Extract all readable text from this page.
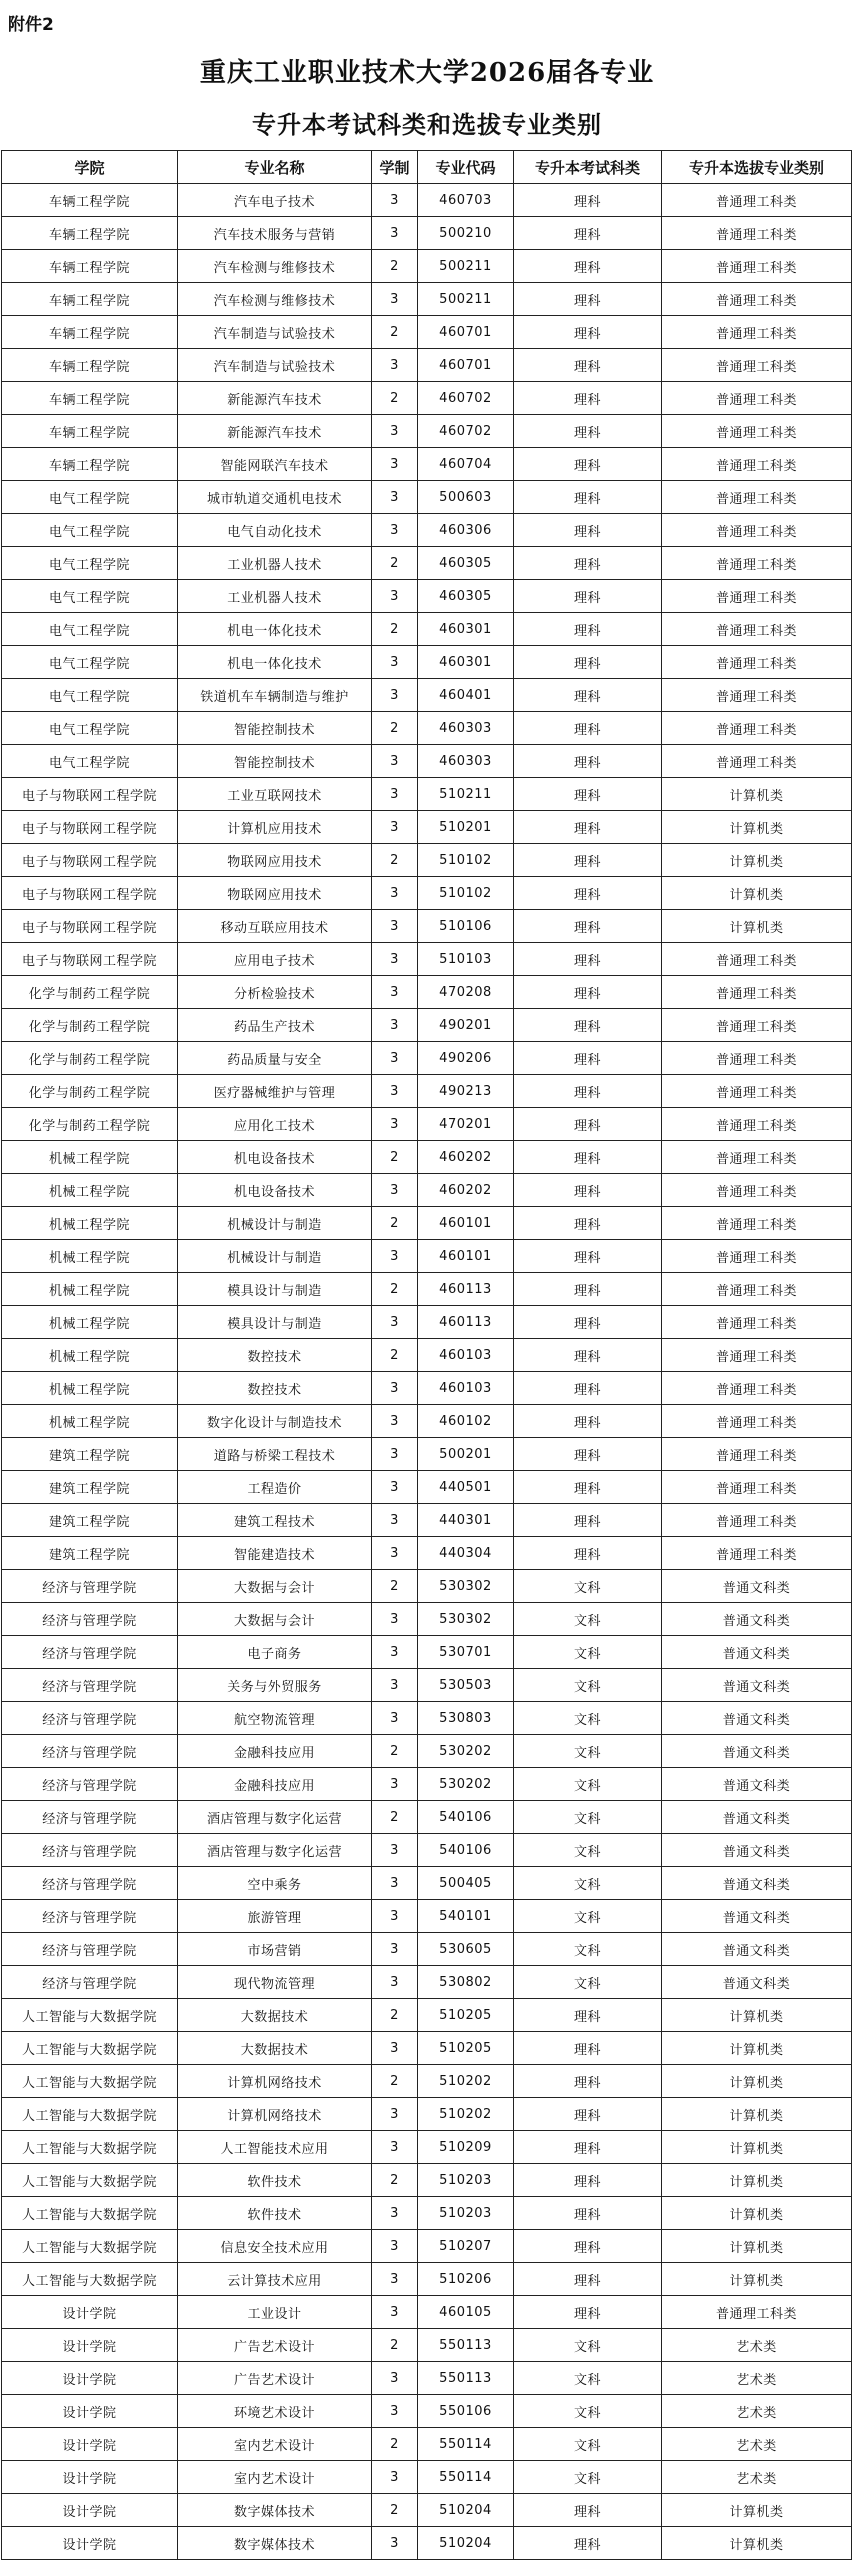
附件2
重庆工业职业技术大学2026届各专业
专升本考试科类和选拔专业类别
学院	专业名称	学制	专业代码	专升本考试科类	专升本选拔专业类别
车辆工程学院	汽车电子技术	3	460703	理科	普通理工科类
车辆工程学院	汽车技术服务与营销	3	500210	理科	普通理工科类
车辆工程学院	汽车检测与维修技术	2	500211	理科	普通理工科类
车辆工程学院	汽车检测与维修技术	3	500211	理科	普通理工科类
车辆工程学院	汽车制造与试验技术	2	460701	理科	普通理工科类
车辆工程学院	汽车制造与试验技术	3	460701	理科	普通理工科类
车辆工程学院	新能源汽车技术	2	460702	理科	普通理工科类
车辆工程学院	新能源汽车技术	3	460702	理科	普通理工科类
车辆工程学院	智能网联汽车技术	3	460704	理科	普通理工科类
电气工程学院	城市轨道交通机电技术	3	500603	理科	普通理工科类
电气工程学院	电气自动化技术	3	460306	理科	普通理工科类
电气工程学院	工业机器人技术	2	460305	理科	普通理工科类
电气工程学院	工业机器人技术	3	460305	理科	普通理工科类
电气工程学院	机电一体化技术	2	460301	理科	普通理工科类
电气工程学院	机电一体化技术	3	460301	理科	普通理工科类
电气工程学院	铁道机车车辆制造与维护	3	460401	理科	普通理工科类
电气工程学院	智能控制技术	2	460303	理科	普通理工科类
电气工程学院	智能控制技术	3	460303	理科	普通理工科类
电子与物联网工程学院	工业互联网技术	3	510211	理科	计算机类
电子与物联网工程学院	计算机应用技术	3	510201	理科	计算机类
电子与物联网工程学院	物联网应用技术	2	510102	理科	计算机类
电子与物联网工程学院	物联网应用技术	3	510102	理科	计算机类
电子与物联网工程学院	移动互联应用技术	3	510106	理科	计算机类
电子与物联网工程学院	应用电子技术	3	510103	理科	普通理工科类
化学与制药工程学院	分析检验技术	3	470208	理科	普通理工科类
化学与制药工程学院	药品生产技术	3	490201	理科	普通理工科类
化学与制药工程学院	药品质量与安全	3	490206	理科	普通理工科类
化学与制药工程学院	医疗器械维护与管理	3	490213	理科	普通理工科类
化学与制药工程学院	应用化工技术	3	470201	理科	普通理工科类
机械工程学院	机电设备技术	2	460202	理科	普通理工科类
机械工程学院	机电设备技术	3	460202	理科	普通理工科类
机械工程学院	机械设计与制造	2	460101	理科	普通理工科类
机械工程学院	机械设计与制造	3	460101	理科	普通理工科类
机械工程学院	模具设计与制造	2	460113	理科	普通理工科类
机械工程学院	模具设计与制造	3	460113	理科	普通理工科类
机械工程学院	数控技术	2	460103	理科	普通理工科类
机械工程学院	数控技术	3	460103	理科	普通理工科类
机械工程学院	数字化设计与制造技术	3	460102	理科	普通理工科类
建筑工程学院	道路与桥梁工程技术	3	500201	理科	普通理工科类
建筑工程学院	工程造价	3	440501	理科	普通理工科类
建筑工程学院	建筑工程技术	3	440301	理科	普通理工科类
建筑工程学院	智能建造技术	3	440304	理科	普通理工科类
经济与管理学院	大数据与会计	2	530302	文科	普通文科类
经济与管理学院	大数据与会计	3	530302	文科	普通文科类
经济与管理学院	电子商务	3	530701	文科	普通文科类
经济与管理学院	关务与外贸服务	3	530503	文科	普通文科类
经济与管理学院	航空物流管理	3	530803	文科	普通文科类
经济与管理学院	金融科技应用	2	530202	文科	普通文科类
经济与管理学院	金融科技应用	3	530202	文科	普通文科类
经济与管理学院	酒店管理与数字化运营	2	540106	文科	普通文科类
经济与管理学院	酒店管理与数字化运营	3	540106	文科	普通文科类
经济与管理学院	空中乘务	3	500405	文科	普通文科类
经济与管理学院	旅游管理	3	540101	文科	普通文科类
经济与管理学院	市场营销	3	530605	文科	普通文科类
经济与管理学院	现代物流管理	3	530802	文科	普通文科类
人工智能与大数据学院	大数据技术	2	510205	理科	计算机类
人工智能与大数据学院	大数据技术	3	510205	理科	计算机类
人工智能与大数据学院	计算机网络技术	2	510202	理科	计算机类
人工智能与大数据学院	计算机网络技术	3	510202	理科	计算机类
人工智能与大数据学院	人工智能技术应用	3	510209	理科	计算机类
人工智能与大数据学院	软件技术	2	510203	理科	计算机类
人工智能与大数据学院	软件技术	3	510203	理科	计算机类
人工智能与大数据学院	信息安全技术应用	3	510207	理科	计算机类
人工智能与大数据学院	云计算技术应用	3	510206	理科	计算机类
设计学院	工业设计	3	460105	理科	普通理工科类
设计学院	广告艺术设计	2	550113	文科	艺术类
设计学院	广告艺术设计	3	550113	文科	艺术类
设计学院	环境艺术设计	3	550106	文科	艺术类
设计学院	室内艺术设计	2	550114	文科	艺术类
设计学院	室内艺术设计	3	550114	文科	艺术类
设计学院	数字媒体技术	2	510204	理科	计算机类
设计学院	数字媒体技术	3	510204	理科	计算机类
